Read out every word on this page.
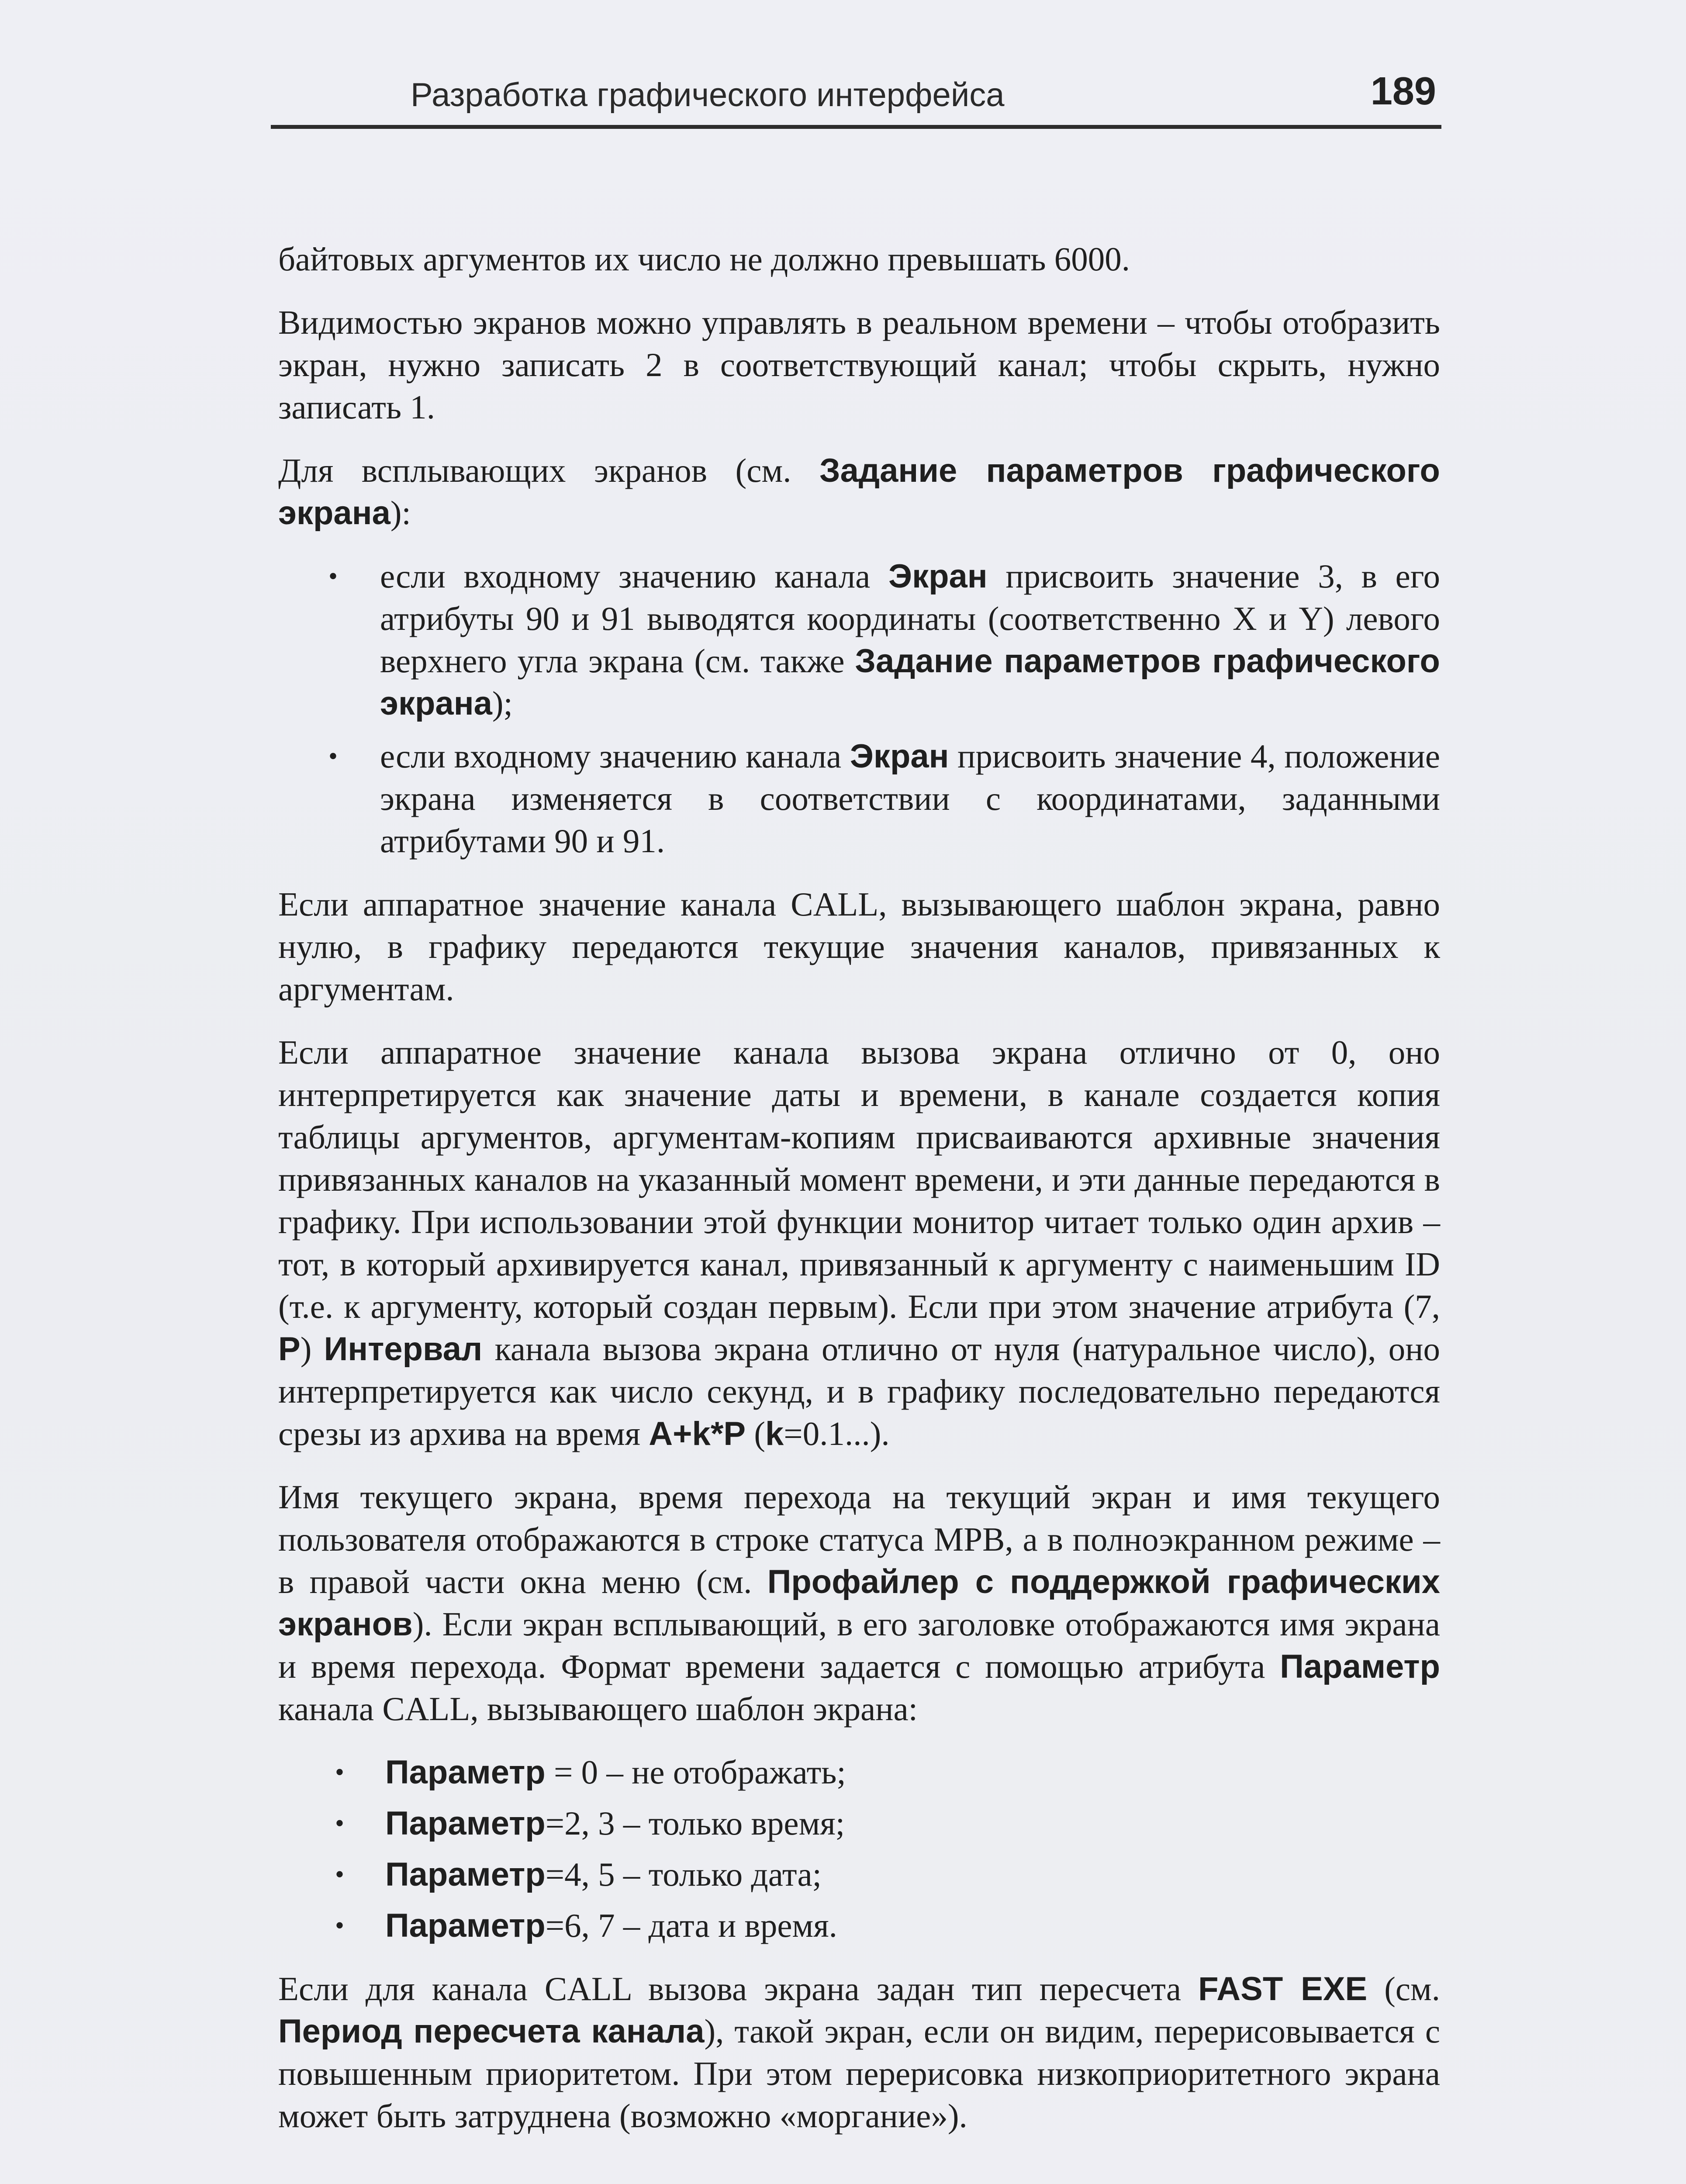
Разработка графического интерфейса	189

байтовых аргументов их число не должно превышать 6000.

Видимостью экранов можно управлять в реальном времени – чтобы отобразить экран, нужно записать 2 в соответствующий канал; чтобы скрыть, нужно записать 1.

Для всплывающих экранов (см. Задание параметров графического экрана):

• если входному значению канала Экран присвоить значение 3, в его атрибуты 90 и 91 выводятся координаты (соответственно X и Y) левого верхнего угла экрана (см. также Задание параметров графического экрана);
• если входному значению канала Экран присвоить значение 4, положение экрана изменяется в соответствии с координатами, заданными атрибутами 90 и 91.

Если аппаратное значение канала CALL, вызывающего шаблон экрана, равно нулю, в графику передаются текущие значения каналов, привязанных к аргументам.

Если аппаратное значение канала вызова экрана отлично от 0, оно интерпретируется как значение даты и времени, в канале создается копия таблицы аргументов, аргументам-копиям присваиваются архивные значения привязанных каналов на указанный момент времени, и эти данные передаются в графику. При использовании этой функции монитор читает только один архив – тот, в который архивируется канал, привязанный к аргументу с наименьшим ID (т.е. к аргументу, который создан первым). Если при этом значение атрибута (7, P) Интервал канала вызова экрана отлично от нуля (натуральное число), оно интерпретируется как число секунд, и в графику последовательно передаются срезы из архива на время A+k*P (k=0.1...).

Имя текущего экрана, время перехода на текущий экран и имя текущего пользователя отображаются в строке статуса МРВ, а в полноэкранном режиме – в правой части окна меню (см. Профайлер с поддержкой графических экранов). Если экран всплывающий, в его заголовке отображаются имя экрана и время перехода. Формат времени задается с помощью атрибута Параметр канала CALL, вызывающего шаблон экрана:

• Параметр = 0 – не отображать;
• Параметр=2, 3 – только время;
• Параметр=4, 5 – только дата;
• Параметр=6, 7 – дата и время.

Если для канала CALL вызова экрана задан тип пересчета FAST EXE (см. Период пересчета канала), такой экран, если он видим, перерисовывается с повышенным приоритетом. При этом перерисовка низкоприоритетного экрана может быть затруднена (возможно «моргание»).
